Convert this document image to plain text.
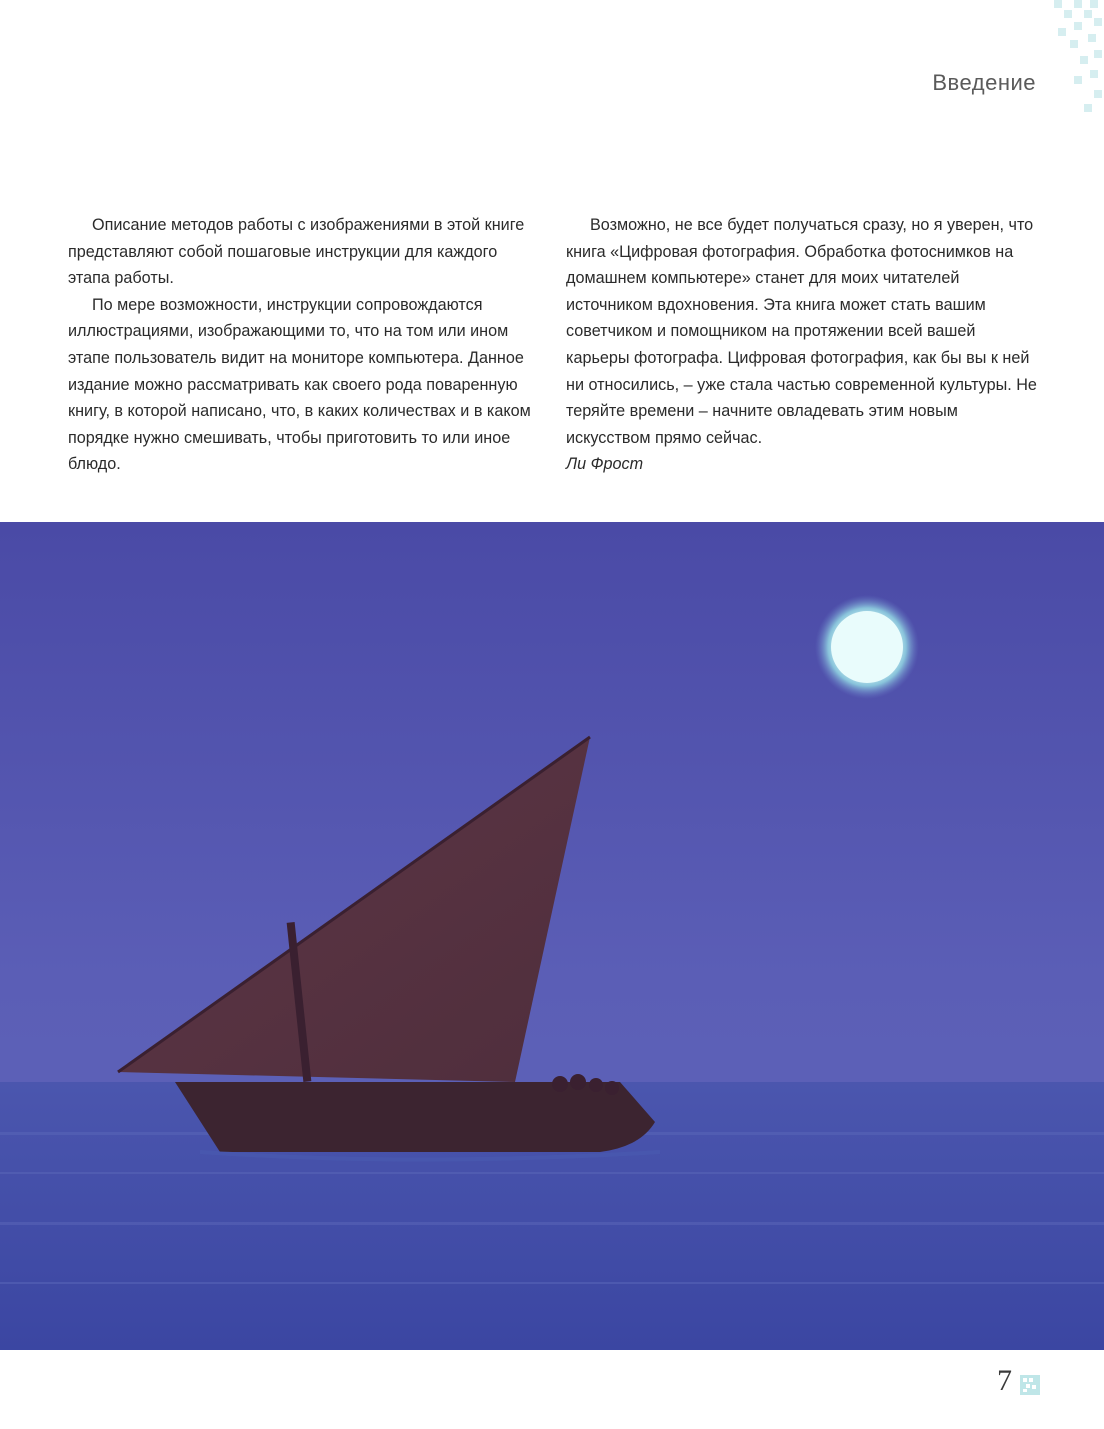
Введение

Описание методов работы с изображениями в этой книге представляют собой пошаговые инструкции для каждого этапа работы.

По мере возможности, инструкции сопровождаются иллюстрациями, изображающими то, что на том или ином этапе пользователь видит на мониторе компьютера. Данное издание можно рассматривать как своего рода поваренную книгу, в которой написано, что, в каких количествах и в каком порядке нужно смешивать, чтобы приготовить то или иное блюдо.

Возможно, не все будет получаться сразу, но я уверен, что книга «Цифровая фотография. Обработка фотоснимков на домашнем компьютере» станет для моих читателей источником вдохновения. Эта книга может стать вашим советчиком и помощником на протяжении всей вашей карьеры фотографа. Цифровая фотография, как бы вы к ней ни относились, – уже стала частью современной культуры. Не теряйте времени – начните овладевать этим новым искусством прямо сейчас.

Ли Фрост

7
